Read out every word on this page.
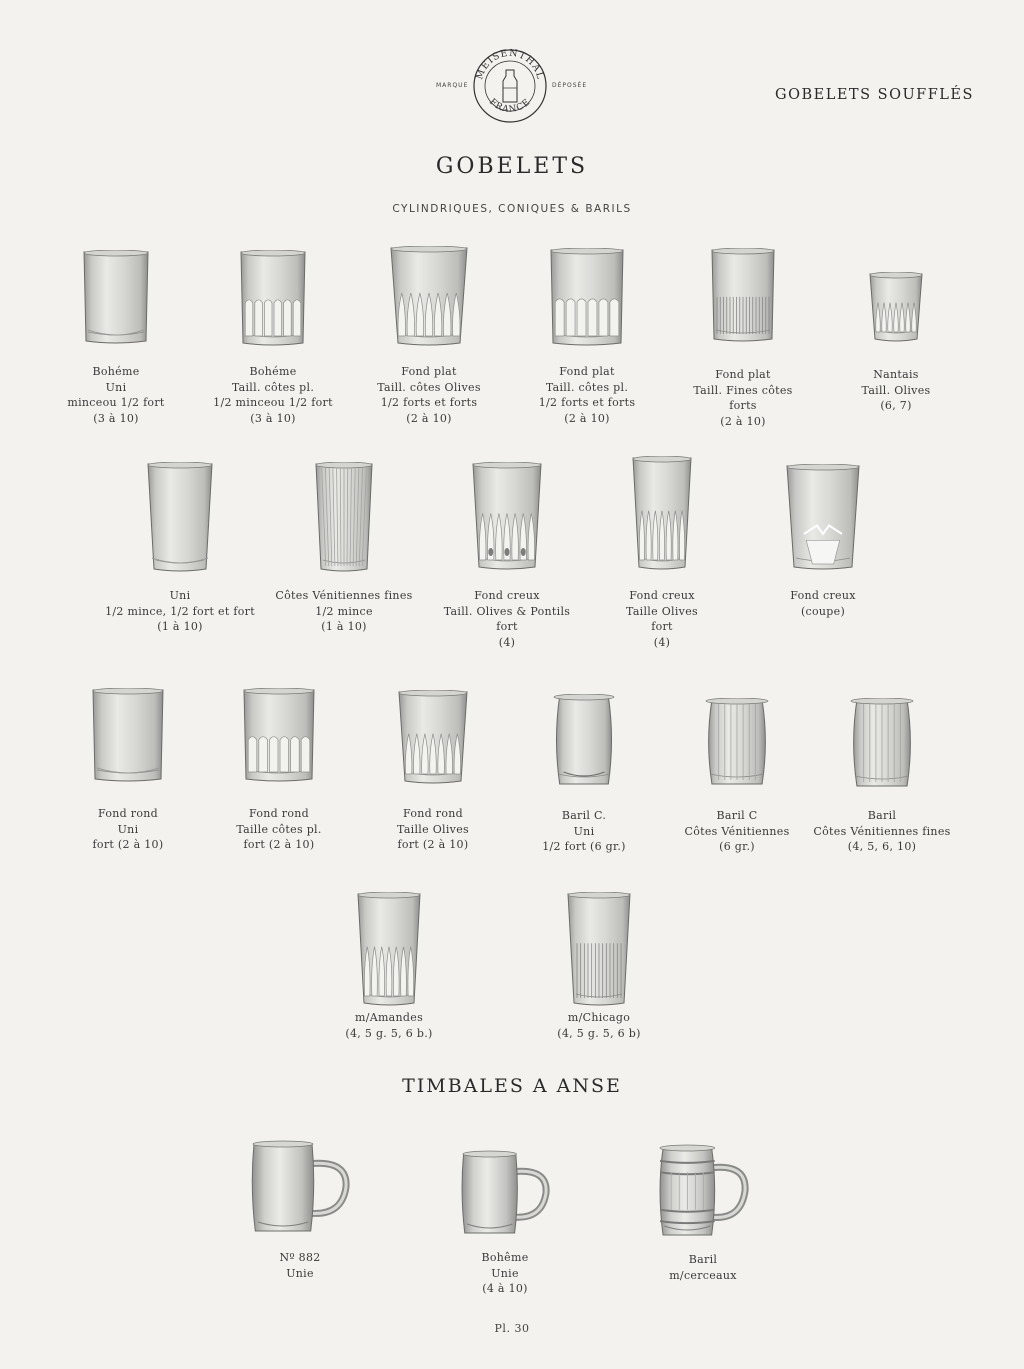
MEISENTHAL
FRANCE
MARQUE	DÉPOSÉE
GOBELETS SOUFFLÉS
GOBELETS
CYLINDRIQUES, CONIQUES & BARILS
Bohéme
Uni
minceou 1/2 fort
(3 à 10)
Bohéme
Taill. côtes pl.
1/2 minceou 1/2 fort
(3 à 10)
Fond plat
Taill. côtes Olives
1/2 forts et forts
(2 à 10)
Fond plat
Taill. côtes pl.
1/2 forts et forts
(2 à 10)
Fond plat
Taill. Fines côtes
forts
(2 à 10)
Nantais
Taill. Olives
(6, 7)
Uni
1/2 mince, 1/2 fort et fort
(1 à 10)
Côtes Vénitiennes fines
1/2 mince
(1 à 10)
Fond creux
Taill. Olives & Pontils
fort
(4)
Fond creux
Taille Olives
fort
(4)
Fond creux
(coupe)
Fond rond
Uni
fort (2 à 10)
Fond rond
Taille côtes pl.
fort (2 à 10)
Fond rond
Taille Olives
fort (2 à 10)
Baril C.
Uni
1/2 fort (6 gr.)
Baril C
Côtes Vénitiennes
(6 gr.)
Baril
Côtes Vénitiennes fines
(4, 5, 6, 10)
m/Amandes
(4, 5 g. 5, 6 b.)
m/Chicago
(4, 5 g. 5, 6 b)
TIMBALES A ANSE
Nº 882
Unie
Bohême
Unie
(4 à 10)
Baril
m/cerceaux
Pl. 30
